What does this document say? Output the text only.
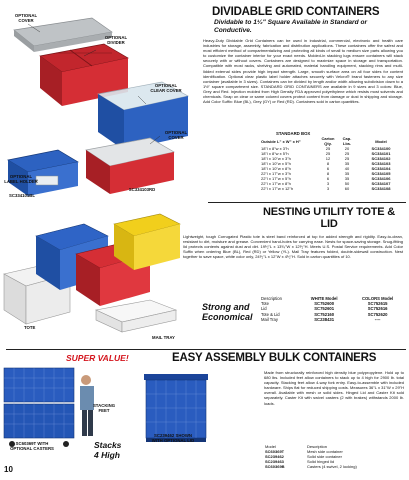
DIVIDABLE GRID CONTAINERS
Dividable to 1¹⁄₂" Square Available in Standard or Conductive.
Heavy-Duty Dividable Grid Containers can be used in industrial, commercial, electronic and health care industries for storage, assembly, fabrication and distribution applications. These containers offer the safest and most efficient method of compartmentalizing and protecting all kinds of small to medium size parts allowing you to customize the container interior for your exact needs. Molded-in stacking lugs ensure containers will stack securely with or without covers. Containers are designed to maximize space in storage and transportation. Compatible with most racks, shelving and automated, material handling equipment, stacking rims and multi-lidded external sides provide high impact strength. Large, smooth surface area on all four sides for content identification. Optional clear plastic label holder attaches securely with Velcro® brand fasteners to any size container (available in 3 sizes). Containers can be divided by length and/or width allowing subdivision down to a 1½" square compartment size. STANDARD GRID CONTAINERS are available in 9 sizes and 3 colors: Blue, Grey and Red. Injection molded from High Density FDA approved polyethylene which resists most solvents and chemicals. Snap on clear or same colored covers protect content from damage or dust in shipping and storage. Add Color Suffix: Blue (BL), Grey (GY) or Red (RD). Containers sold in carton quantities.
OPTIONAL COVER
OPTIONAL DIVIDER
OPTIONAL CLEAR COVER
OPTIONAL COVER
OPTIONAL LABEL HOLDER
SC334101BL
SC334103RD
STANDARD BOX
Outside L" x W" x H"	Carton Qty.	Cap. Lbs.	Model
18"l x 8"w x 3"h	25	20	SC334100
18"l x 8"w x 5"h	25	25	SC334101
18"l x 10"w x 3"h	12	25	SC334102
18"l x 10"w x 5"h	8	35	SC334103
18"l x 10"w x 8"h	6	40	SC334104
22"l x 17"w x 3"h	8	35	SC334105
22"l x 17"w x 5"h	6	35	SC334106
22"l x 17"w x 8"h	3	50	SC334107
22"l x 17"w x 12"h	3	60	SC334108
NESTING UTILITY TOTE & LID
Lightweight, tough Corrugated Plastic tote is steel band reinforced at top for added strength and rigidity. Easy-to-clean, resistant to dirt, moisture and grease. Convenient hand-holes for carrying ease. Nests for space-saving storage. Snug-fitting lid protects contents against dust and dirt. 19¹⁄₂"L x 13¹⁄₄"W x 12¹⁄₂"H. Meets U.S. Postal Service requirements. Add Color Suffix when ordering Blue (BL), Red (RD) or Yellow (YL). Mail Tray features folded, double-sidewall construction. Nest together to save space, white color only, 24¹⁄₂"L x 12"W x 4¹⁄₂"H. Sold in carton quantities of 10.
TOTE
MAIL TRAY
Strong and
Economical
Description	WHITE Model	COLORS Model
Tote	SC752600	SC752615
Lid	SC752601	SC752616
Tote & Lid	SC752160	SC752620
Mail Tray	SC238431	----
SUPER VALUE!	EASY ASSEMBLY BULK CONTAINERS
STACKING FEET
SC60369T WITH OPTIONAL CASTERS
SC239462 SHOWN WITH OPTIONAL LID
Stacks
4 High
Made from structurally reinforced high density blue polypropylene. Hold up to 680 lbs. Included feet allow containers to stack up to 4 high for 2900 lb. total capacity. Stacking feet allow 4-way fork entry. Easy-to-assemble with included hardware. Ships flat for reduced shipping costs. Measures 36"L x 31"W x 29"H overall. Available with mesh or solid sides. Hinged Lid and Caster Kit sold separately. Caster Kit with swivel casters (2 with brakes) withstands 2000 lb. loads.
Model	Description
SC60369T	Mesh side container
SC239462	Solid side container
SC239463	Solid hinged lid
SC60369B	Casters (4 swivel, 2 locking)
10
